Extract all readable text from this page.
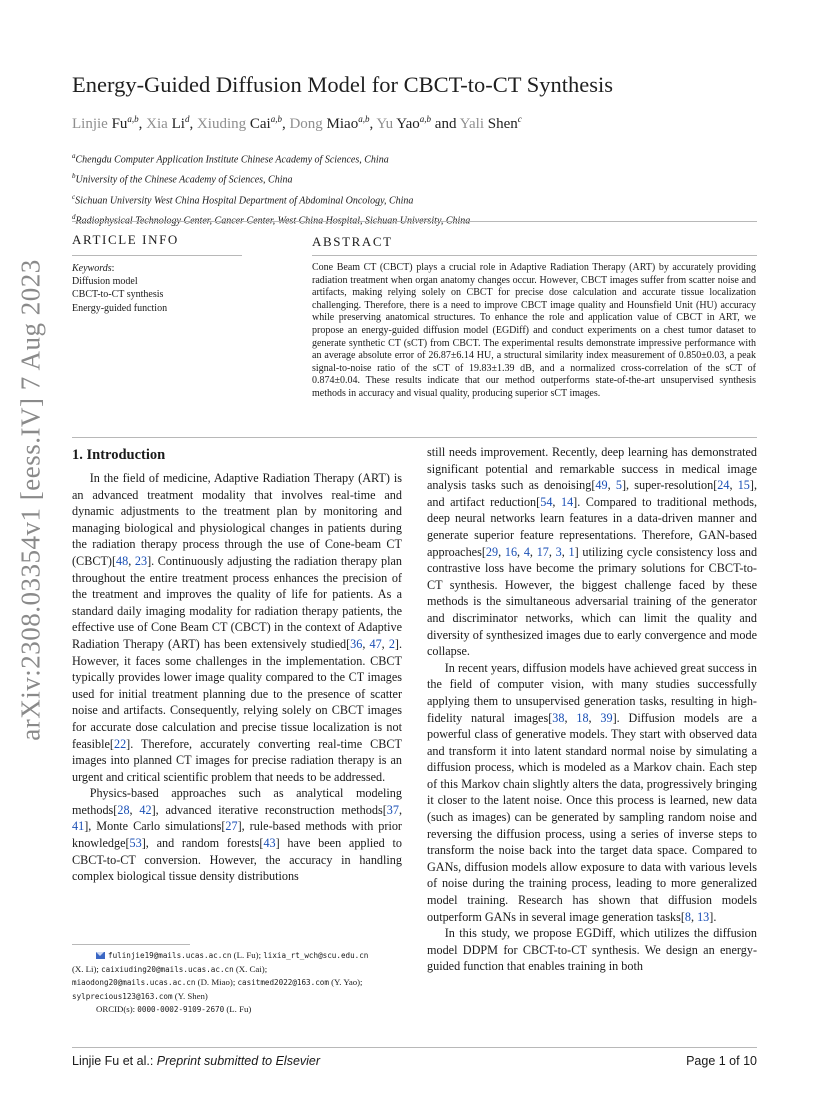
arXiv:2308.03354v1 [eess.IV] 7 Aug 2023
Energy-Guided Diffusion Model for CBCT-to-CT Synthesis
Linjie Fu$^{a,b}$, Xia Li$^d$, Xiuding Cai$^{a,b}$, Dong Miao$^{a,b}$, Yu Yao$^{a,b}$ and Yali Shen$^c$
$^a$Chengdu Computer Application Institute Chinese Academy of Sciences, China
$^b$University of the Chinese Academy of Sciences, China
$^c$Sichuan University West China Hospital Department of Abdominal Oncology, China
$^d$Radiophysical Technology Center, Cancer Center, West China Hospital, Sichuan University, China
ARTICLE INFO
Keywords:
Diffusion model
CBCT-to-CT synthesis
Energy-guided function
ABSTRACT
Cone Beam CT (CBCT) plays a crucial role in Adaptive Radiation Therapy (ART) by accurately providing radiation treatment when organ anatomy changes occur. However, CBCT images suffer from scatter noise and artifacts, making relying solely on CBCT for precise dose calculation and accurate tissue localization challenging. Therefore, there is a need to improve CBCT image quality and Hounsfield Unit (HU) accuracy while preserving anatomical structures. To enhance the role and application value of CBCT in ART, we propose an energy-guided diffusion model (EGDiff) and conduct experiments on a chest tumor dataset to generate synthetic CT (sCT) from CBCT. The experimental results demonstrate impressive performance with an average absolute error of 26.87±6.14 HU, a structural similarity index measurement of 0.850±0.03, a peak signal-to-noise ratio of the sCT of 19.83±1.39 dB, and a normalized cross-correlation of the sCT of 0.874±0.04. These results indicate that our method outperforms state-of-the-art unsupervised synthesis methods in accuracy and visual quality, producing superior sCT images.
1. Introduction

In the field of medicine, Adaptive Radiation Therapy (ART) is an advanced treatment modality that involves real-time and dynamic adjustments to the treatment plan by monitoring and managing biological and physiological changes in patients during the radiation therapy process through the use of Cone-beam CT (CBCT)[48, 23]. Continuously adjusting the radiation therapy plan throughout the entire treatment process enhances the precision of the treatment and improves the quality of life for patients. As a standard daily imaging modality for radiation therapy patients, the effective use of Cone Beam CT (CBCT) in the context of Adaptive Radiation Therapy (ART) has been extensively studied[36, 47, 2]. However, it faces some challenges in the implementation. CBCT typically provides lower image quality compared to the CT images used for initial treatment planning due to the presence of scatter noise and artifacts. Consequently, relying solely on CBCT images for accurate dose calculation and precise tissue localization is not feasible[22]. Therefore, accurately converting real-time CBCT images into planned CT images for precise radiation therapy is an urgent and critical scientific problem that needs to be addressed.

Physics-based approaches such as analytical modeling methods[28, 42], advanced iterative reconstruction methods[37, 41], Monte Carlo simulations[27], rule-based methods with prior knowledge[53], and random forests[43] have been applied to CBCT-to-CT conversion. However, the accuracy in handling complex biological tissue density distributions

still needs improvement. Recently, deep learning has demonstrated significant potential and remarkable success in medical image analysis tasks such as denoising[49, 5], super-resolution[24, 15], and artifact reduction[54, 14]. Compared to traditional methods, deep neural networks learn features in a data-driven manner and generate superior feature representations. Therefore, GAN-based approaches[29, 16, 4, 17, 3, 1] utilizing cycle consistency loss and contrastive loss have become the primary solutions for CBCT-to-CT synthesis. However, the biggest challenge faced by these methods is the simultaneous adversarial training of the generator and discriminator networks, which can limit the quality and diversity of synthesized images due to early convergence and mode collapse.

In recent years, diffusion models have achieved great success in the field of computer vision, with many studies successfully applying them to unsupervised generation tasks, resulting in high-fidelity natural images[38, 18, 39]. Diffusion models are a powerful class of generative models. They start with observed data and transform it into latent standard normal noise by simulating a diffusion process, which is modeled as a Markov chain. Each step of this Markov chain slightly alters the data, progressively bringing it closer to the latent noise. Once this process is learned, new data (such as images) can be generated by sampling random noise and reversing the diffusion process, using a series of inverse steps to transform the noise back into the target data space. Compared to GANs, diffusion models allow exposure to data with various levels of noise during the training process, leading to more generalized model training. Research has shown that diffusion models outperform GANs in several image generation tasks[8, 13].

In this study, we propose EGDiff, which utilizes the diffusion model DDPM for CBCT-to-CT synthesis. We design an energy-guided function that enables training in both

fulinjie19@mails.ucas.ac.cn (L. Fu); lixia_rt_wch@scu.edu.cn
(X. Li); caixiuding20@mails.ucas.ac.cn (X. Cai);
miaodong20@mails.ucas.ac.cn (D. Miao); casitmed2022@163.com (Y. Yao);
sylprecious123@163.com (Y. Shen)
ORCID(s): 0000-0002-9109-2670 (L. Fu)
Linjie Fu et al.: Preprint submitted to Elsevier	Page 1 of 10
